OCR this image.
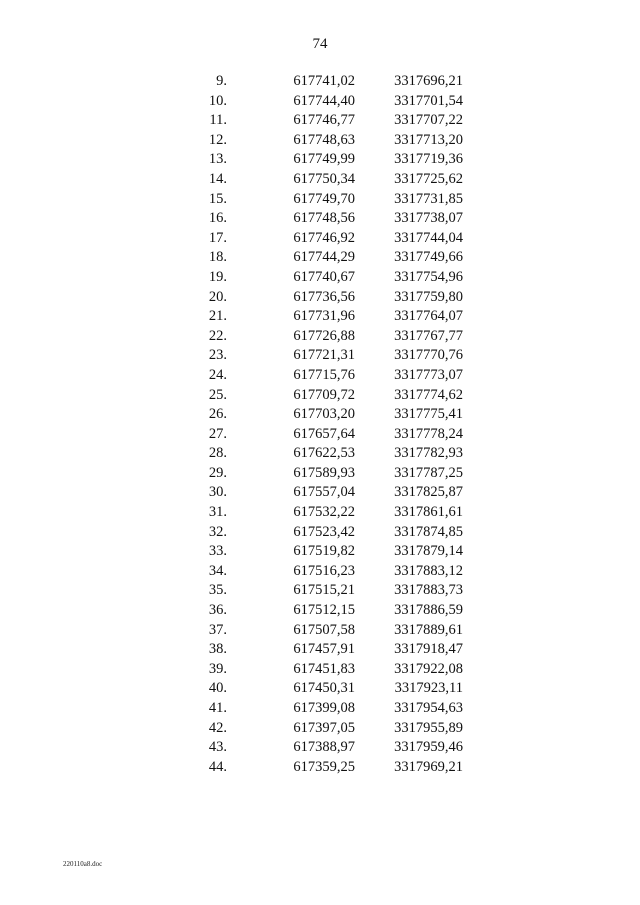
74
9.	617741,02	3317696,21
10.	617744,40	3317701,54
11.	617746,77	3317707,22
12.	617748,63	3317713,20
13.	617749,99	3317719,36
14.	617750,34	3317725,62
15.	617749,70	3317731,85
16.	617748,56	3317738,07
17.	617746,92	3317744,04
18.	617744,29	3317749,66
19.	617740,67	3317754,96
20.	617736,56	3317759,80
21.	617731,96	3317764,07
22.	617726,88	3317767,77
23.	617721,31	3317770,76
24.	617715,76	3317773,07
25.	617709,72	3317774,62
26.	617703,20	3317775,41
27.	617657,64	3317778,24
28.	617622,53	3317782,93
29.	617589,93	3317787,25
30.	617557,04	3317825,87
31.	617532,22	3317861,61
32.	617523,42	3317874,85
33.	617519,82	3317879,14
34.	617516,23	3317883,12
35.	617515,21	3317883,73
36.	617512,15	3317886,59
37.	617507,58	3317889,61
38.	617457,91	3317918,47
39.	617451,83	3317922,08
40.	617450,31	3317923,11
41.	617399,08	3317954,63
42.	617397,05	3317955,89
43.	617388,97	3317959,46
44.	617359,25	3317969,21
220110a8.doc
